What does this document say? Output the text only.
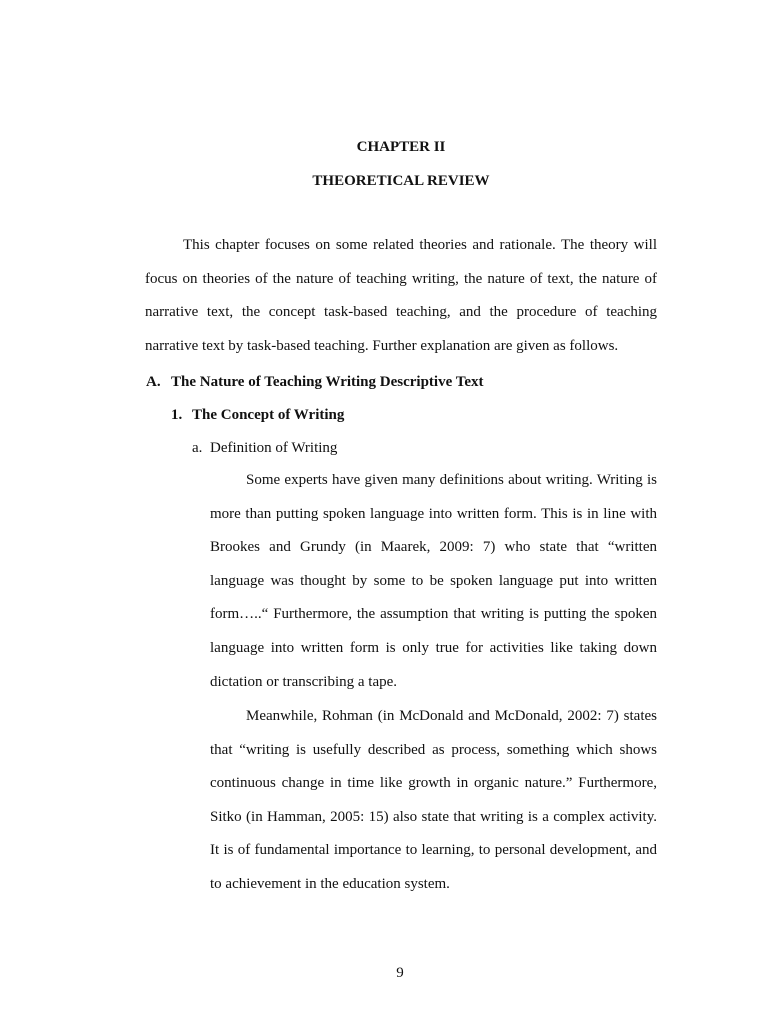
CHAPTER II

THEORETICAL REVIEW

This chapter focuses on some related theories and rationale. The theory will focus on theories of the nature of teaching writing, the nature of text, the nature of narrative text, the concept task-based teaching, and the procedure of teaching narrative text by task-based teaching. Further explanation are given as follows.

A. The Nature of Teaching Writing Descriptive Text

1. The Concept of Writing

a. Definition of Writing

Some experts have given many definitions about writing. Writing is more than putting spoken language into written form. This is in line with Brookes and Grundy (in Maarek, 2009: 7) who state that “written language was thought by some to be spoken language put into written form…..“ Furthermore, the assumption that writing is putting the spoken language into written form is only true for activities like taking down dictation or transcribing a tape.

Meanwhile, Rohman (in McDonald and McDonald, 2002: 7) states that “writing is usefully described as process, something which shows continuous change in time like growth in organic nature.” Furthermore, Sitko (in Hamman, 2005: 15) also state that writing is a complex activity. It is of fundamental importance to learning, to personal development, and to achievement in the education system.

9
